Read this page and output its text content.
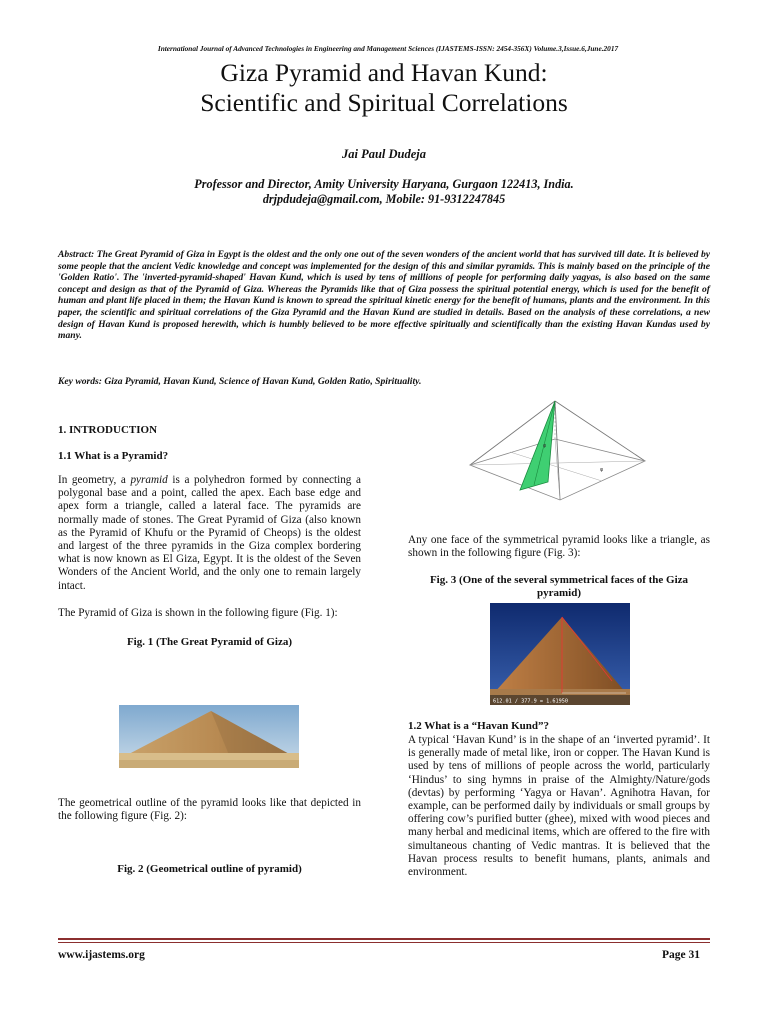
International Journal of Advanced Technologies in Engineering and Management Sciences (IJASTEMS-ISSN: 2454-356X) Volume.3,Issue.6,June.2017
Giza Pyramid and Havan Kund:
Scientific and Spiritual Correlations
Jai Paul Dudeja
Professor and Director, Amity University Haryana, Gurgaon 122413, India.
drjpdudeja@gmail.com, Mobile: 91-9312247845
Abstract: The Great Pyramid of Giza in Egypt is the oldest and the only one out of the seven wonders of the ancient world that has survived till date. It is believed by some people that the ancient Vedic knowledge and concept was implemented for the design of this and similar pyramids. This is mainly based on the principle of the 'Golden Ratio'. The 'inverted-pyramid-shaped' Havan Kund, which is used by tens of millions of people for performing daily yagyas, is also based on the same concept and design as that of the Pyramid of Giza. Whereas the Pyramids like that of Giza possess the spiritual potential energy, which is used for the benefit of human and plant life placed in them; the Havan Kund is known to spread the spiritual kinetic energy for the benefit of humans, plants and the environment. In this paper, the scientific and spiritual correlations of the Giza Pyramid and the Havan Kund are studied in details. Based on the analysis of these correlations, a new design of Havan Kund is proposed herewith, which is humbly believed to be more effective spiritually and scientifically than the existing Havan Kundas used by many.
Key words: Giza Pyramid, Havan Kund, Science of Havan Kund, Golden Ratio, Spirituality.

1. INTRODUCTION

1.1 What is a Pyramid?

In geometry, a pyramid is a polyhedron formed by connecting a polygonal base and a point, called the apex. Each base edge and apex form a triangle, called a lateral face. The pyramids are normally made of stones. The Great Pyramid of Giza (also known as the Pyramid of Khufu or the Pyramid of Cheops) is the oldest and largest of the three pyramids in the Giza complex bordering what is now known as El Giza, Egypt. It is the oldest of the Seven Wonders of the Ancient World, and the only one to remain largely intact.

The Pyramid of Giza is shown in the following figure (Fig. 1):

Fig. 1 (The Great Pyramid of Giza)

The geometrical outline of the pyramid looks like that depicted in the following figure (Fig. 2):

Fig. 2 (Geometrical outline of pyramid)
φ
φ

Any one face of the symmetrical pyramid looks like a triangle, as shown in the following figure (Fig. 3):

Fig. 3 (One of the several symmetrical faces of the Giza pyramid)
612.01 / 377.9 = 1.61950

1.2 What is a “Havan Kund”?

A typical ‘Havan Kund’ is in the shape of an ‘inverted pyramid’. It is generally made of metal like, iron or copper. The Havan Kund is used by tens of millions of people across the world, particularly ‘Hindus’ to sing hymns in praise of the Almighty/Nature/gods (devtas) by performing ‘Yagya or Havan’. Agnihotra Havan, for example, can be performed daily by individuals or small groups by offering cow’s purified butter (ghee), mixed with wood pieces and many herbal and medicinal items, which are offered to the fire with simultaneous chanting of Vedic mantras. It is believed that the Havan process results to benefit humans, plants, animals and environment.

www.ijastems.org	Page 31
